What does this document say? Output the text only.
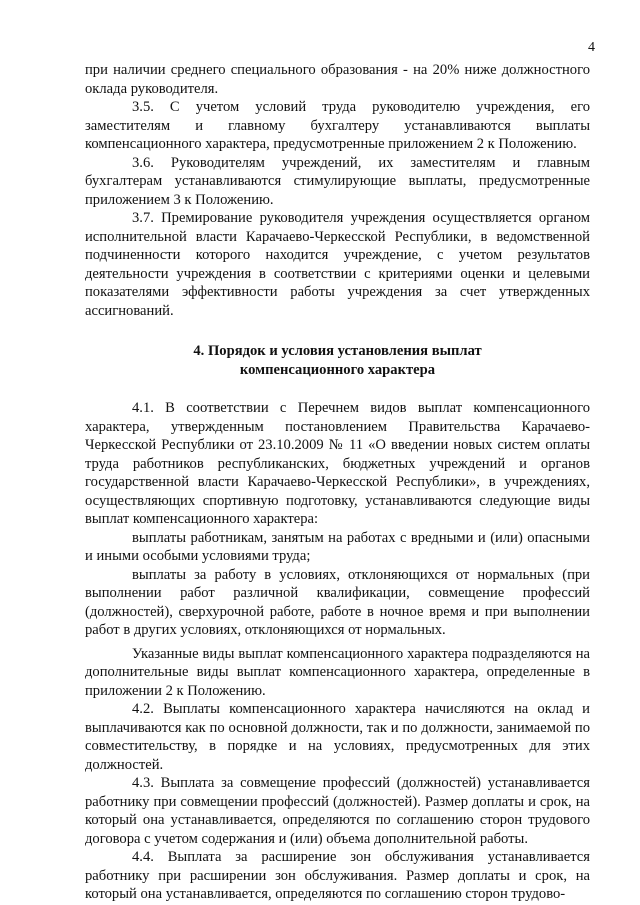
4

при наличии среднего специального образования - на 20% ниже должностного оклада руководителя.

3.5. С учетом условий труда руководителю учреждения, его заместителям и главному бухгалтеру устанавливаются выплаты компенсационного характера, предусмотренные приложением 2 к Положению.

3.6. Руководителям учреждений, их заместителям и главным бухгалтерам устанавливаются стимулирующие выплаты, предусмотренные приложением 3 к Положению.

3.7. Премирование руководителя учреждения осуществляется органом исполнительной власти Карачаево-Черкесской Республики, в ведомственной подчиненности которого находится учреждение, с учетом результатов деятельности учреждения в соответствии с критериями оценки и целевыми показателями эффективности работы учреждения за счет утвержденных ассигнований.

4. Порядок и условия установления выплат
компенсационного характера

4.1. В соответствии с Перечнем видов выплат компенсационного характера, утвержденным постановлением Правительства Карачаево-Черкесской Республики от 23.10.2009 № 11 «О введении новых систем оплаты труда работников республиканских, бюджетных учреждений и органов государственной власти Карачаево-Черкесской Республики», в учреждениях, осуществляющих спортивную подготовку, устанавливаются следующие виды выплат компенсационного характера:

выплаты работникам, занятым на работах с вредными и (или) опасными и иными особыми условиями труда;

выплаты за работу в условиях, отклоняющихся от нормальных (при выполнении работ различной квалификации, совмещение профессий (должностей), сверхурочной работе, работе в ночное время и при выполнении работ в других условиях, отклоняющихся от нормальных.

Указанные виды выплат компенсационного характера подразделяются на дополнительные виды выплат компенсационного характера, определенные в приложении 2 к Положению.

4.2. Выплаты компенсационного характера начисляются на оклад и выплачиваются как по основной должности, так и по должности, занимаемой по совместительству, в порядке и на условиях, предусмотренных для этих должностей.

4.3. Выплата за совмещение профессий (должностей) устанавливается работнику при совмещении профессий (должностей). Размер доплаты и срок, на который она устанавливается, определяются по соглашению сторон трудового договора с учетом содержания и (или) объема дополнительной работы.

4.4. Выплата за расширение зон обслуживания устанавливается работнику при расширении зон обслуживания. Размер доплаты и срок, на который она устанавливается, определяются по соглашению сторон трудово-
